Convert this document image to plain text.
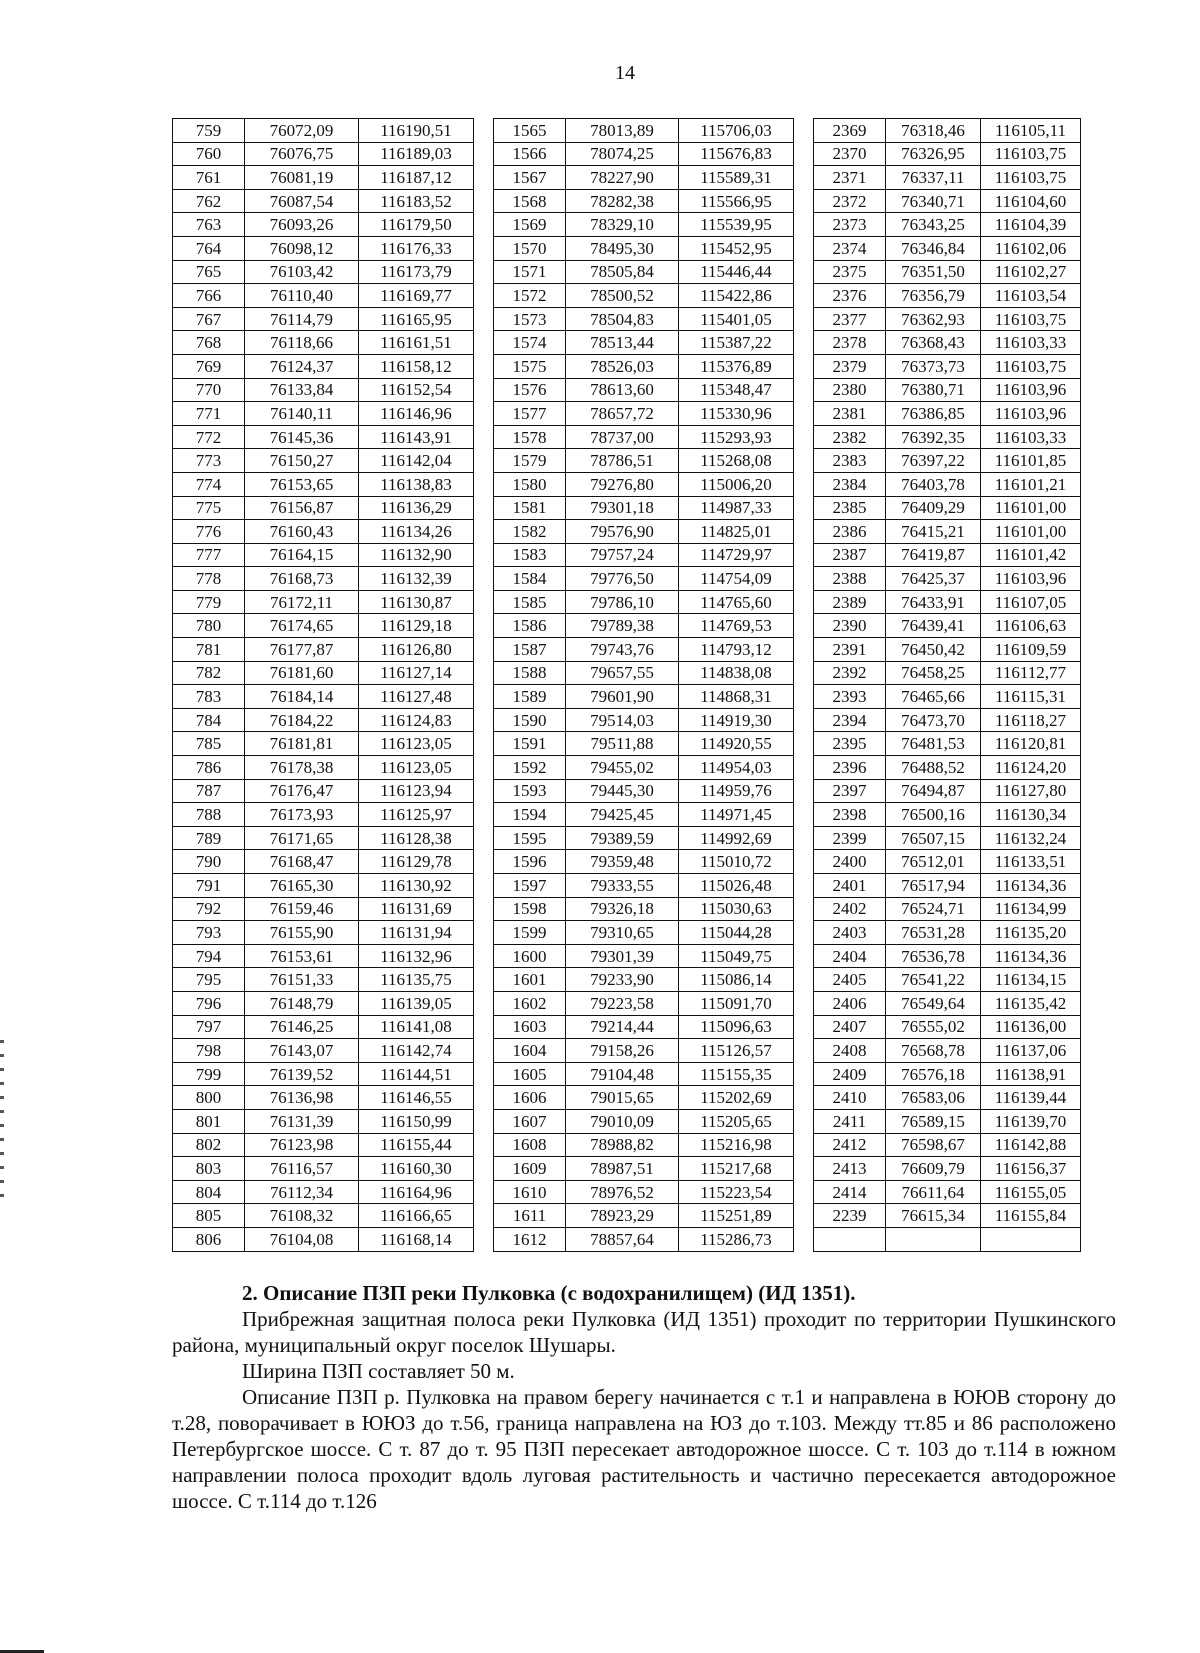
14
759	76072,09	116190,51		1565	78013,89	115706,03		2369	76318,46	116105,11
760	76076,75	116189,03		1566	78074,25	115676,83		2370	76326,95	116103,75
761	76081,19	116187,12		1567	78227,90	115589,31		2371	76337,11	116103,75
762	76087,54	116183,52		1568	78282,38	115566,95		2372	76340,71	116104,60
763	76093,26	116179,50		1569	78329,10	115539,95		2373	76343,25	116104,39
764	76098,12	116176,33		1570	78495,30	115452,95		2374	76346,84	116102,06
765	76103,42	116173,79		1571	78505,84	115446,44		2375	76351,50	116102,27
766	76110,40	116169,77		1572	78500,52	115422,86		2376	76356,79	116103,54
767	76114,79	116165,95		1573	78504,83	115401,05		2377	76362,93	116103,75
768	76118,66	116161,51		1574	78513,44	115387,22		2378	76368,43	116103,33
769	76124,37	116158,12		1575	78526,03	115376,89		2379	76373,73	116103,75
770	76133,84	116152,54		1576	78613,60	115348,47		2380	76380,71	116103,96
771	76140,11	116146,96		1577	78657,72	115330,96		2381	76386,85	116103,96
772	76145,36	116143,91		1578	78737,00	115293,93		2382	76392,35	116103,33
773	76150,27	116142,04		1579	78786,51	115268,08		2383	76397,22	116101,85
774	76153,65	116138,83		1580	79276,80	115006,20		2384	76403,78	116101,21
775	76156,87	116136,29		1581	79301,18	114987,33		2385	76409,29	116101,00
776	76160,43	116134,26		1582	79576,90	114825,01		2386	76415,21	116101,00
777	76164,15	116132,90		1583	79757,24	114729,97		2387	76419,87	116101,42
778	76168,73	116132,39		1584	79776,50	114754,09		2388	76425,37	116103,96
779	76172,11	116130,87		1585	79786,10	114765,60		2389	76433,91	116107,05
780	76174,65	116129,18		1586	79789,38	114769,53		2390	76439,41	116106,63
781	76177,87	116126,80		1587	79743,76	114793,12		2391	76450,42	116109,59
782	76181,60	116127,14		1588	79657,55	114838,08		2392	76458,25	116112,77
783	76184,14	116127,48		1589	79601,90	114868,31		2393	76465,66	116115,31
784	76184,22	116124,83		1590	79514,03	114919,30		2394	76473,70	116118,27
785	76181,81	116123,05		1591	79511,88	114920,55		2395	76481,53	116120,81
786	76178,38	116123,05		1592	79455,02	114954,03		2396	76488,52	116124,20
787	76176,47	116123,94		1593	79445,30	114959,76		2397	76494,87	116127,80
788	76173,93	116125,97		1594	79425,45	114971,45		2398	76500,16	116130,34
789	76171,65	116128,38		1595	79389,59	114992,69		2399	76507,15	116132,24
790	76168,47	116129,78		1596	79359,48	115010,72		2400	76512,01	116133,51
791	76165,30	116130,92		1597	79333,55	115026,48		2401	76517,94	116134,36
792	76159,46	116131,69		1598	79326,18	115030,63		2402	76524,71	116134,99
793	76155,90	116131,94		1599	79310,65	115044,28		2403	76531,28	116135,20
794	76153,61	116132,96		1600	79301,39	115049,75		2404	76536,78	116134,36
795	76151,33	116135,75		1601	79233,90	115086,14		2405	76541,22	116134,15
796	76148,79	116139,05		1602	79223,58	115091,70		2406	76549,64	116135,42
797	76146,25	116141,08		1603	79214,44	115096,63		2407	76555,02	116136,00
798	76143,07	116142,74		1604	79158,26	115126,57		2408	76568,78	116137,06
799	76139,52	116144,51		1605	79104,48	115155,35		2409	76576,18	116138,91
800	76136,98	116146,55		1606	79015,65	115202,69		2410	76583,06	116139,44
801	76131,39	116150,99		1607	79010,09	115205,65		2411	76589,15	116139,70
802	76123,98	116155,44		1608	78988,82	115216,98		2412	76598,67	116142,88
803	76116,57	116160,30		1609	78987,51	115217,68		2413	76609,79	116156,37
804	76112,34	116164,96		1610	78976,52	115223,54		2414	76611,64	116155,05
805	76108,32	116166,65		1611	78923,29	115251,89		2239	76615,34	116155,84
806	76104,08	116168,14		1612	78857,64	115286,73				

2. Описание ПЗП реки Пулковка (с водохранилищем) (ИД 1351).

Прибрежная защитная полоса реки Пулковка (ИД 1351) проходит по территории Пушкинского района, муниципальный округ поселок Шушары.

Ширина ПЗП составляет 50 м.

Описание ПЗП р. Пулковка на правом берегу начинается с т.1 и направлена в ЮЮВ сторону до т.28, поворачивает в ЮЮЗ до т.56, граница направлена на ЮЗ до т.103. Между тт.85 и 86 расположено Петербургское шоссе. С т. 87 до т. 95 ПЗП пересекает автодорожное шоссе. С т. 103 до т.114 в южном направлении полоса проходит вдоль луговая растительность и частично пересекается автодорожное шоссе. С т.114 до т.126
